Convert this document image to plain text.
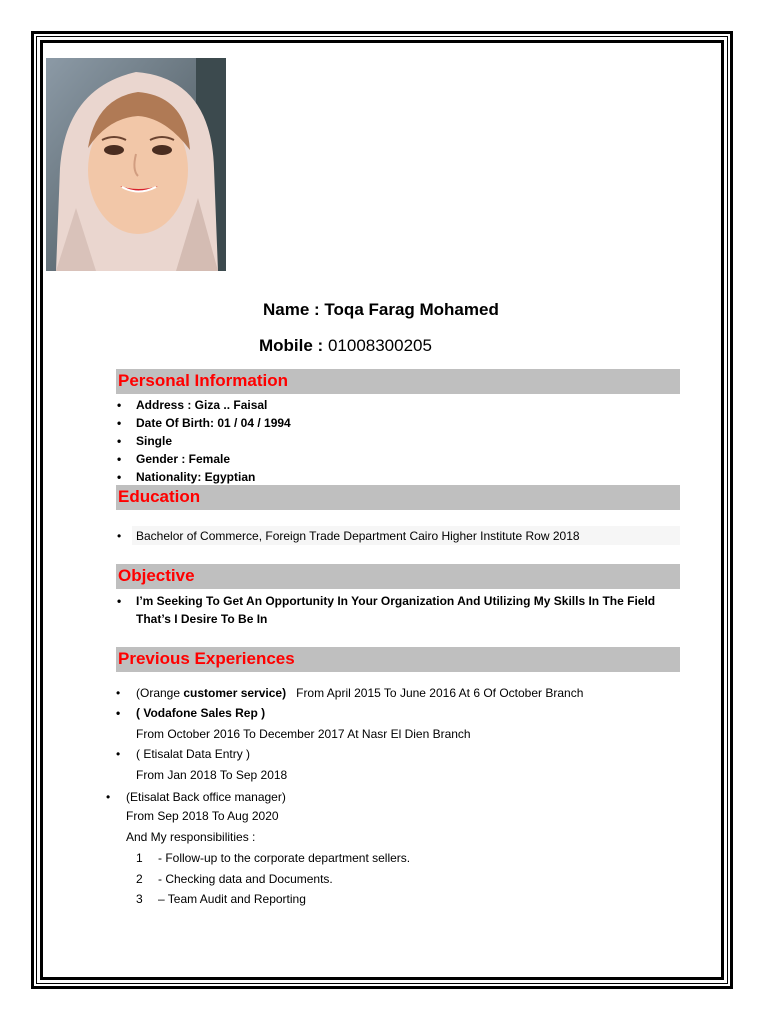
Name : Toqa Farag Mohamed
Mobile : 01008300205
Personal Information
• Address : Giza .. Faisal
• Date Of Birth: 01 / 04 / 1994
• Single
• Gender : Female
• Nationality: Egyptian
Education
• Bachelor of Commerce, Foreign Trade Department Cairo Higher Institute Row 2018
Objective
• I’m Seeking To Get An Opportunity In Your Organization And Utilizing My Skills In The Field That’s I Desire To Be In
Previous Experiences
• (Orange customer service) From April 2015 To June 2016 At 6 Of October Branch
• ( Vodafone Sales Rep )
From October 2016 To December 2017 At Nasr El Dien Branch
• ( Etisalat Data Entry )
From Jan 2018 To Sep 2018
• (Etisalat Back office manager)
From Sep 2018 To Aug 2020
And My responsibilities :
1 - Follow-up to the corporate department sellers.
2 - Checking data and Documents.
3 – Team Audit and Reporting
